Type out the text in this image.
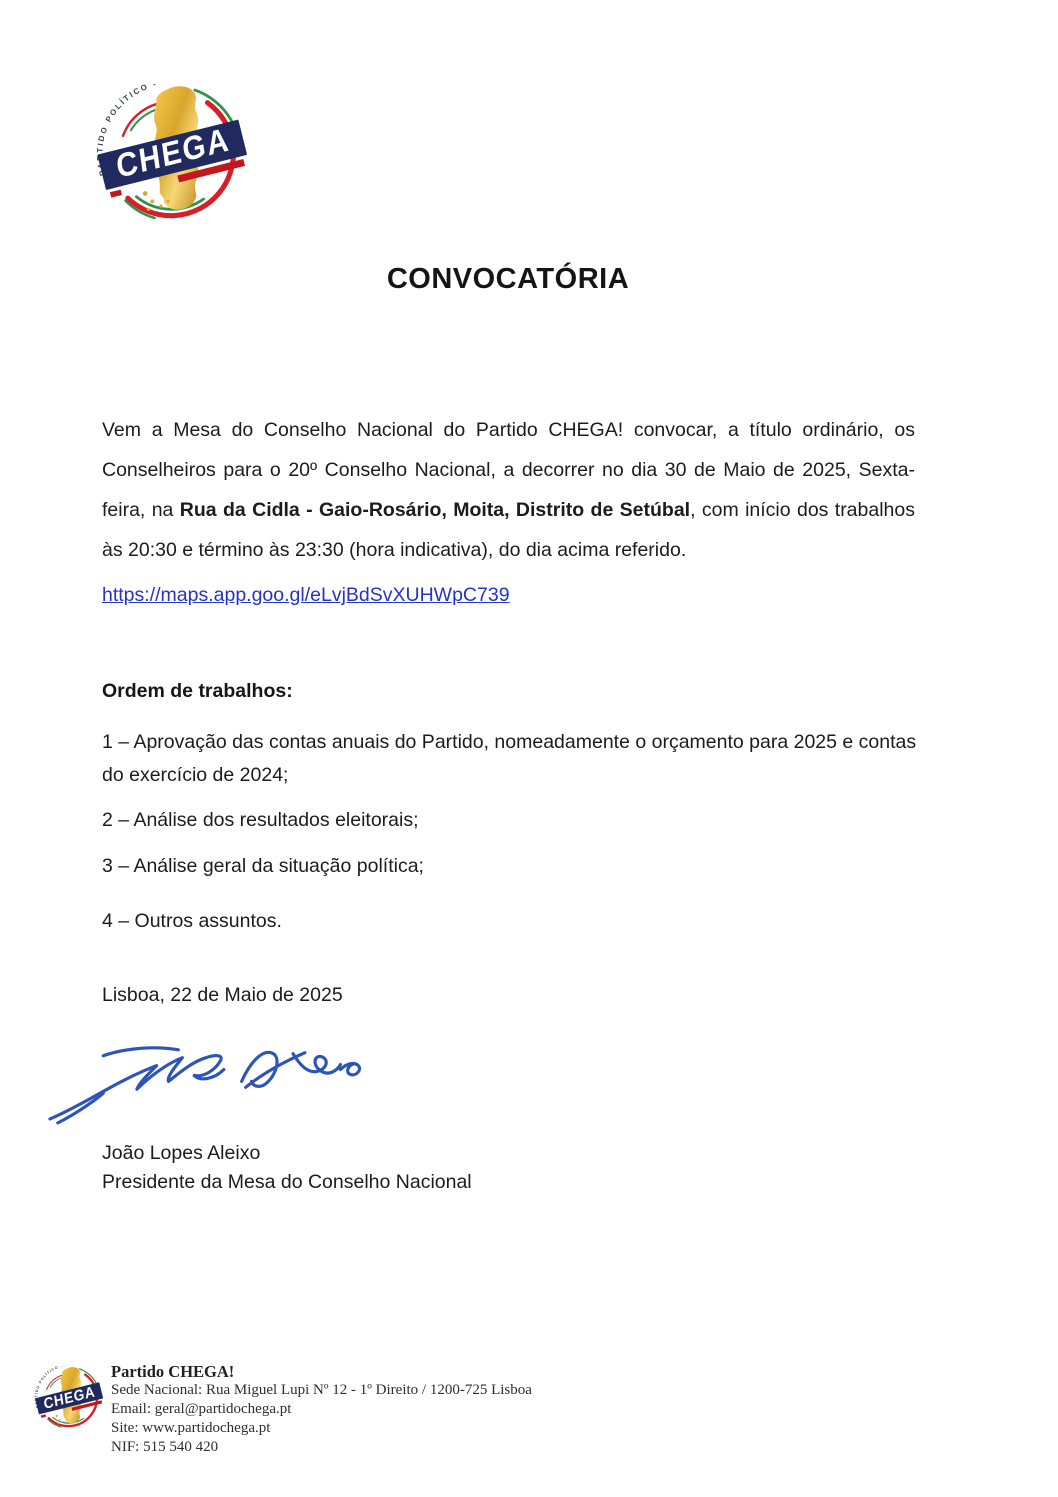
CONVOCATÓRIA

Vem a Mesa do Conselho Nacional do Partido CHEGA! convocar, a título ordinário, os Conselheiros para o 20º Conselho Nacional, a decorrer no dia 30 de Maio de 2025, Sexta-feira, na Rua da Cidla - Gaio-Rosário, Moita, Distrito de Setúbal, com início dos trabalhos às 20:30 e término às 23:30 (hora indicativa), do dia acima referido.

https://maps.app.goo.gl/eLvjBdSvXUHWpC739
Ordem de trabalhos:

1 – Aprovação das contas anuais do Partido, nomeadamente o orçamento para 2025 e contas do exercício de 2024;

2 – Análise dos resultados eleitorais;

3 – Análise geral da situação política;

4 – Outros assuntos.

Lisboa, 22 de Maio de 2025
João Lopes Aleixo
Presidente da Mesa do Conselho Nacional
Partido CHEGA!
Sede Nacional: Rua Miguel Lupi Nº 12 - 1º Direito / 1200-725 Lisboa
Email: geral@partidochega.pt
Site: www.partidochega.pt
NIF: 515 540 420
